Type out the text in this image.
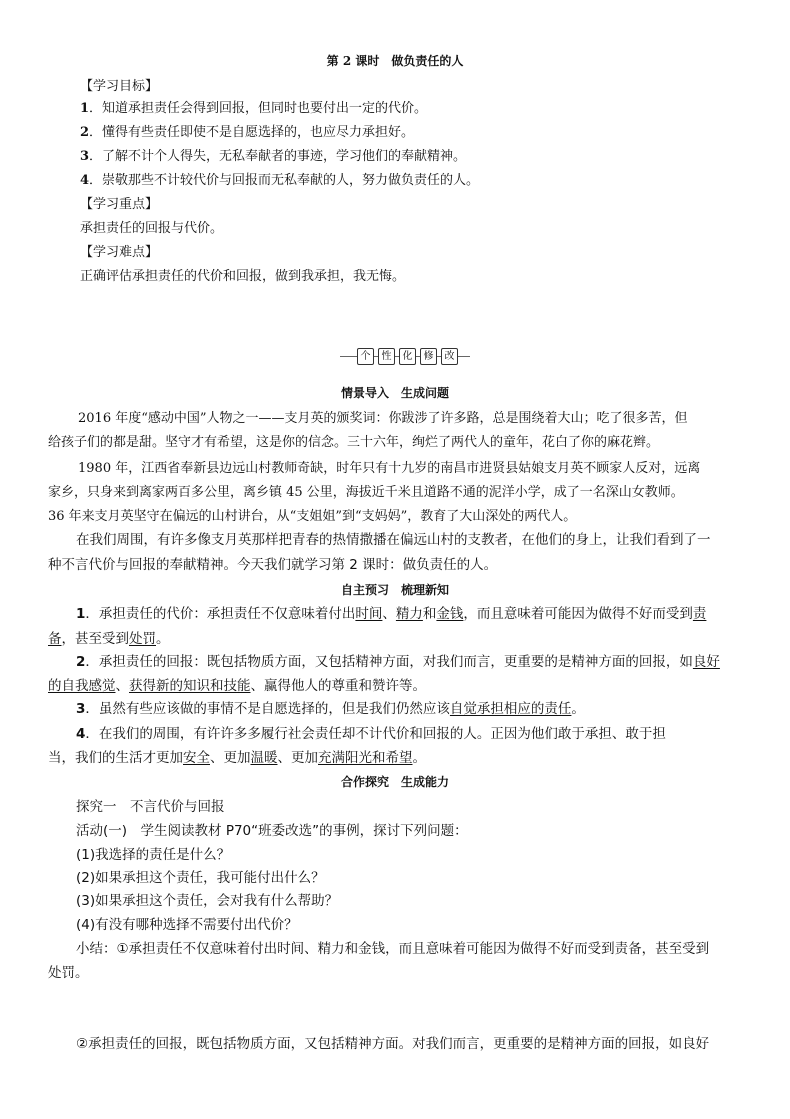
第 2 课时　做负责任的人
【学习目标】
1．知道承担责任会得到回报，但同时也要付出一定的代价。
2．懂得有些责任即使不是自愿选择的，也应尽力承担好。
3．了解不计个人得失，无私奉献者的事迹，学习他们的奉献精神。
4．崇敬那些不计较代价与回报而无私奉献的人，努力做负责任的人。
【学习重点】
承担责任的回报与代价。
【学习难点】
正确评估承担责任的代价和回报，做到我承担，我无悔。
个	性	化	修	改
情景导入　生成问题
2016 年度“感动中国”人物之一——支月英的颁奖词：你跋涉了许多路，总是围绕着大山；吃了很多苦，但
给孩子们的都是甜。坚守才有希望，这是你的信念。三十六年，绚烂了两代人的童年，花白了你的麻花辫。
1980 年，江西省奉新县边远山村教师奇缺，时年只有十九岁的南昌市进贤县姑娘支月英不顾家人反对，远离
家乡，只身来到离家两百多公里，离乡镇 45 公里，海拔近千米且道路不通的泥洋小学，成了一名深山女教师。
36 年来支月英坚守在偏远的山村讲台，从“支姐姐”到“支妈妈”，教育了大山深处的两代人。
在我们周围，有许多像支月英那样把青春的热情撒播在偏远山村的支教者，在他们的身上，让我们看到了一
种不言代价与回报的奉献精神。今天我们就学习第 2 课时：做负责任的人。
自主预习　梳理新知
1．承担责任的代价：承担责任不仅意味着付出时间、精力和金钱，而且意味着可能因为做得不好而受到责
备，甚至受到处罚。
2．承担责任的回报：既包括物质方面，又包括精神方面，对我们而言，更重要的是精神方面的回报，如良好
的自我感觉、获得新的知识和技能、赢得他人的尊重和赞许等。
3．虽然有些应该做的事情不是自愿选择的，但是我们仍然应该自觉承担相应的责任。
4．在我们的周围，有许许多多履行社会责任却不计代价和回报的人。正因为他们敢于承担、敢于担
当，我们的生活才更加安全、更加温暖、更加充满阳光和希望。
合作探究　生成能力
探究一　不言代价与回报
活动(一)　学生阅读教材 P70“班委改选”的事例，探讨下列问题：
(1)我选择的责任是什么？
(2)如果承担这个责任，我可能付出什么？
(3)如果承担这个责任，会对我有什么帮助？
(4)有没有哪种选择不需要付出代价？
小结：①承担责任不仅意味着付出时间、精力和金钱，而且意味着可能因为做得不好而受到责备，甚至受到
处罚。
②承担责任的回报，既包括物质方面，又包括精神方面。对我们而言，更重要的是精神方面的回报，如良好
